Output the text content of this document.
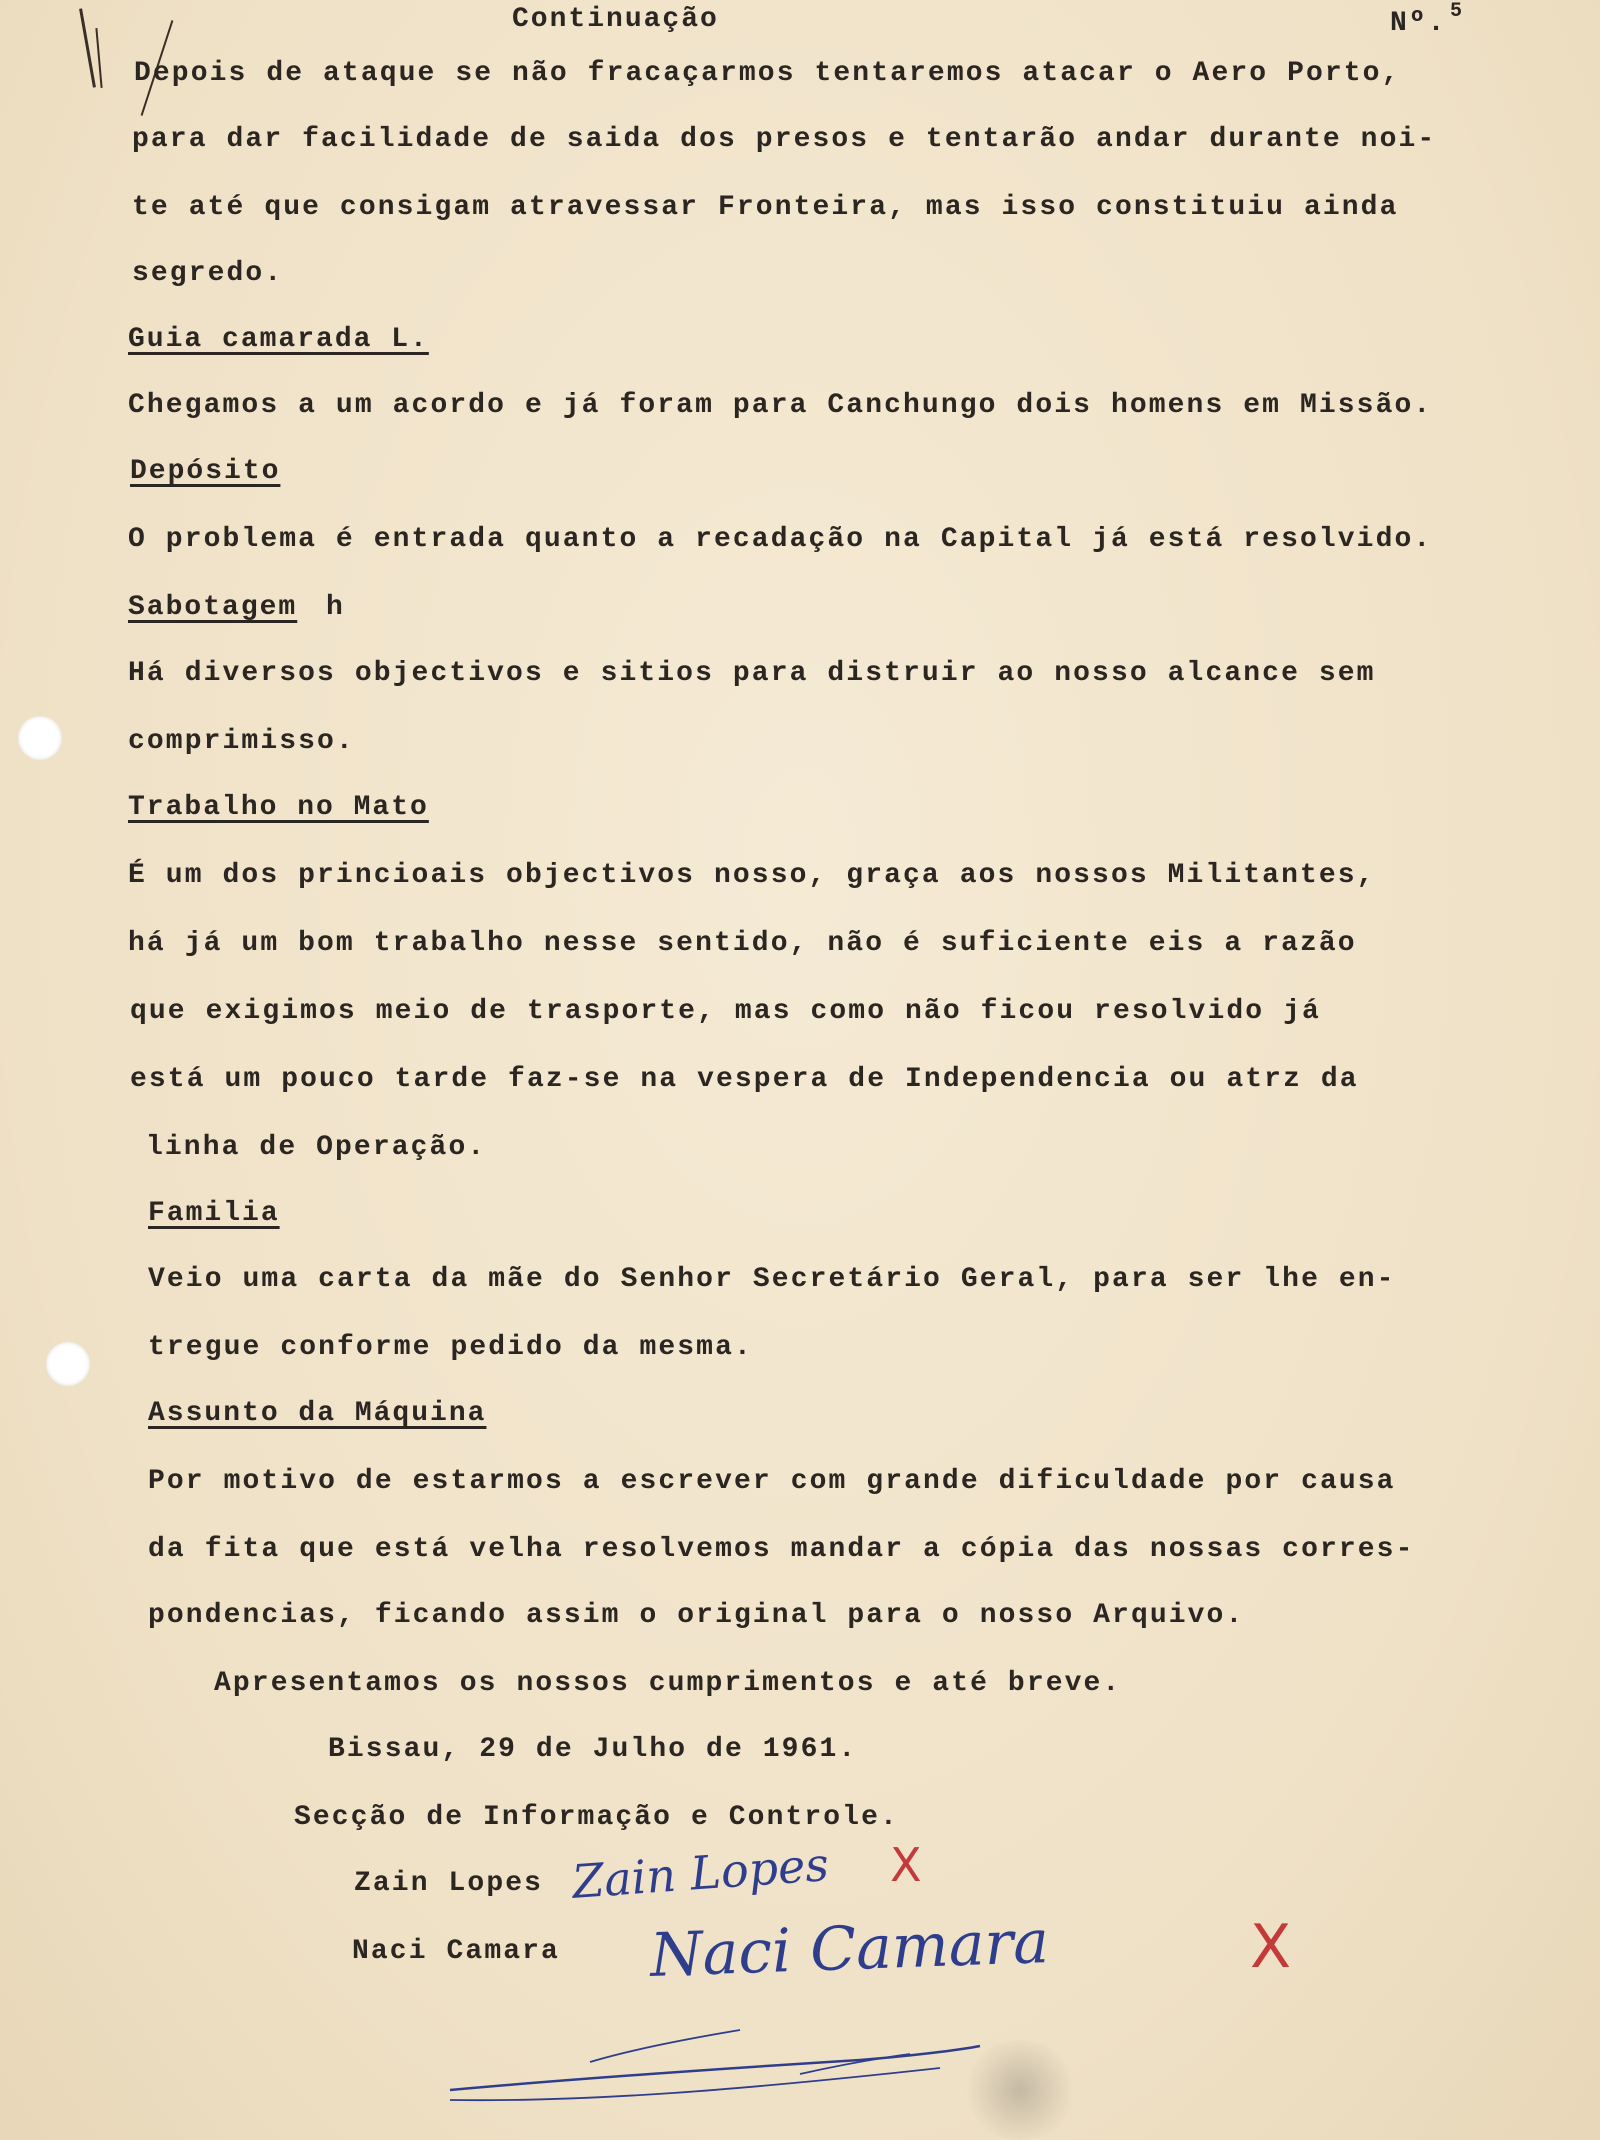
Continuação	Nº. 5
Depois de ataque se não fracaçarmos tentaremos atacar o Aero Porto,
para dar facilidade de saida dos presos e tentarão andar durante noi-
te até que consigam atravessar Fronteira, mas isso constituiu ainda
segredo.
Guia camarada L.
Chegamos a um acordo e já foram para Canchungo dois homens em Missão.
Depósito
O problema é entrada quanto a recadação na Capital já está resolvido.
Sabotagem h
Há diversos objectivos e sitios para distruir ao nosso alcance sem
comprimisso.
Trabalho no Mato
É um dos princioais objectivos nosso, graça aos nossos Militantes,
há já um bom trabalho nesse sentido, não é suficiente eis a razão
que exigimos meio de trasporte, mas como não ficou resolvido já
está um pouco tarde faz-se na vespera de Independencia ou atrz da
linha de Operação.
Familia
Veio uma carta da mãe do Senhor Secretário Geral, para ser lhe en-
tregue conforme pedido da mesma.
Assunto da Máquina
Por motivo de estarmos a escrever com grande dificuldade por causa
da fita que está velha resolvemos mandar a cópia das nossas corres-
pondencias, ficando assim o original para o nosso Arquivo.
Apresentamos os nossos cumprimentos e até breve.
Bissau, 29 de Julho de 1961.
Secção de Informação e Controle.
Zain Lopes Zain Lopes X
Naci Camara Naci Camara	X
